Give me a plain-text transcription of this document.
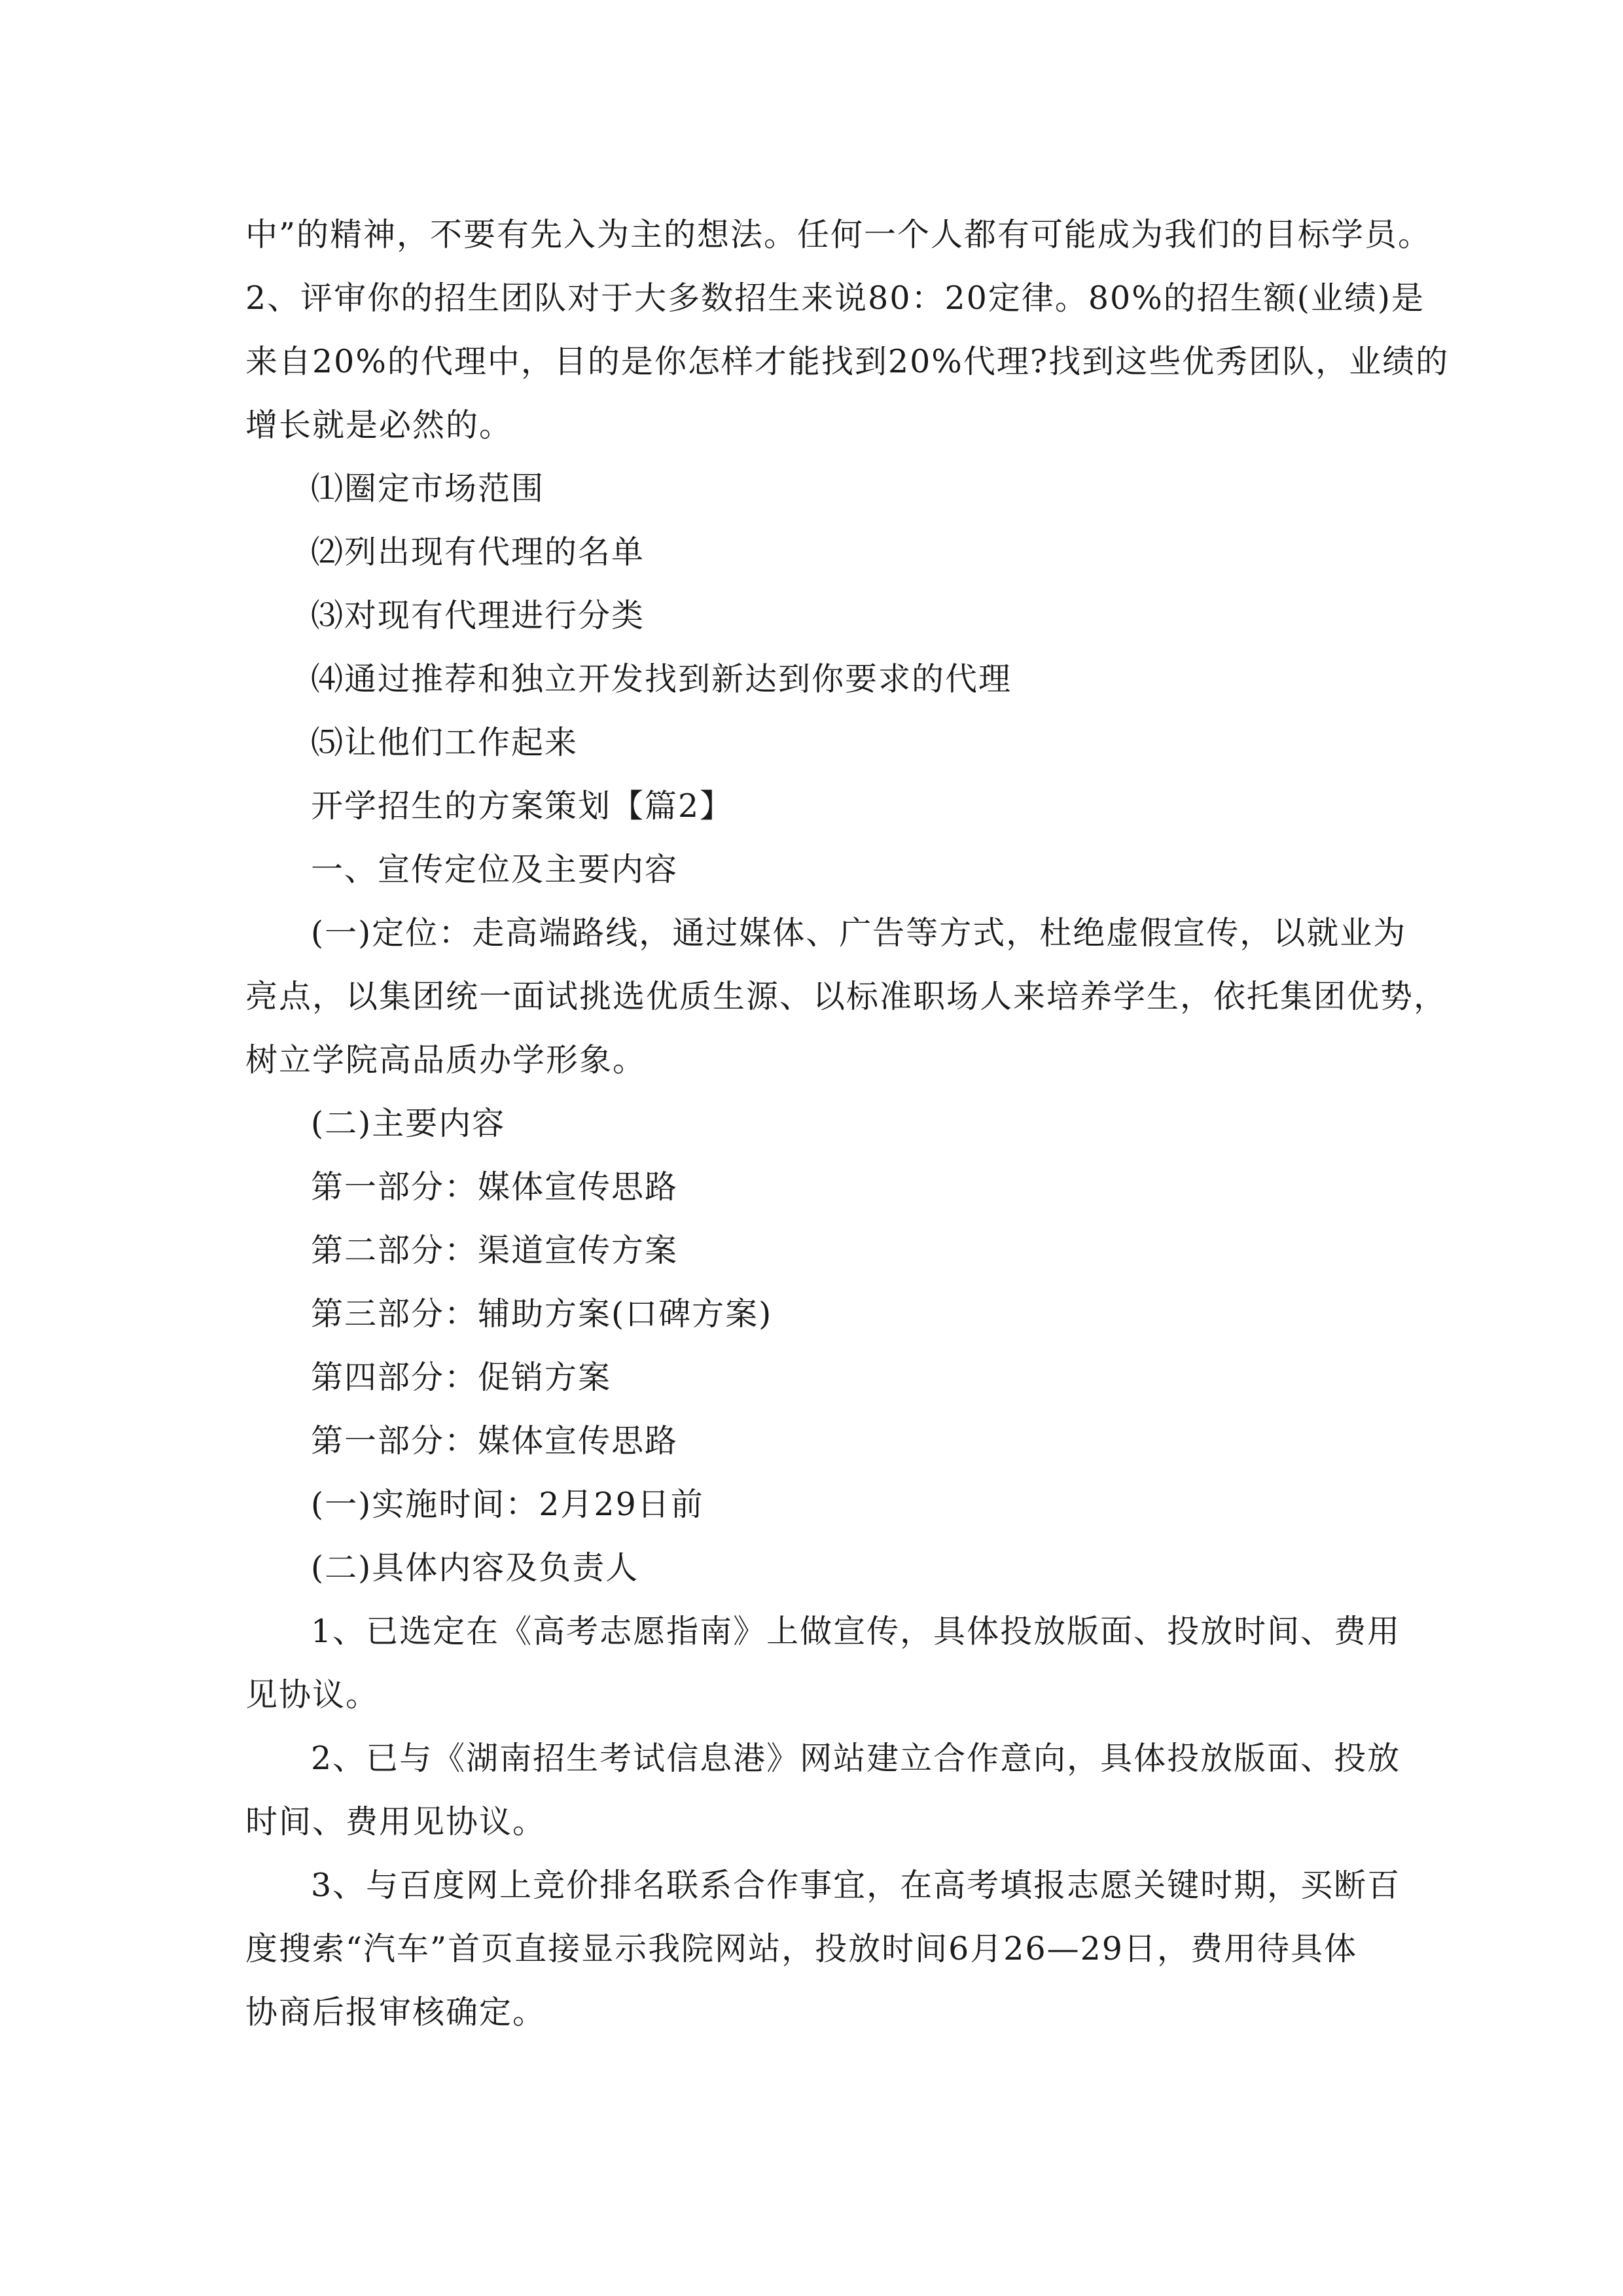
中”的精神，不要有先入为主的想法。任何一个人都有可能成为我们的目标学员。
2、评审你的招生团队对于大多数招生来说80：20定律。80%的招生额(业绩)是
来自20%的代理中，目的是你怎样才能找到20%代理?找到这些优秀团队，业绩的
增长就是必然的。
⑴圈定市场范围
⑵列出现有代理的名单
⑶对现有代理进行分类
⑷通过推荐和独立开发找到新达到你要求的代理
⑸让他们工作起来
开学招生的方案策划【篇2】
一、宣传定位及主要内容
(一)定位：走高端路线，通过媒体、广告等方式，杜绝虚假宣传，以就业为
亮点，以集团统一面试挑选优质生源、以标准职场人来培养学生，依托集团优势，
树立学院高品质办学形象。
(二)主要内容
第一部分：媒体宣传思路
第二部分：渠道宣传方案
第三部分：辅助方案(口碑方案)
第四部分：促销方案
第一部分：媒体宣传思路
(一)实施时间：2月29日前
(二)具体内容及负责人
1、已选定在《高考志愿指南》上做宣传，具体投放版面、投放时间、费用
见协议。
2、已与《湖南招生考试信息港》网站建立合作意向，具体投放版面、投放
时间、费用见协议。
3、与百度网上竞价排名联系合作事宜，在高考填报志愿关键时期，买断百
度搜索“汽车”首页直接显示我院网站，投放时间6月26—29日，费用待具体
协商后报审核确定。
